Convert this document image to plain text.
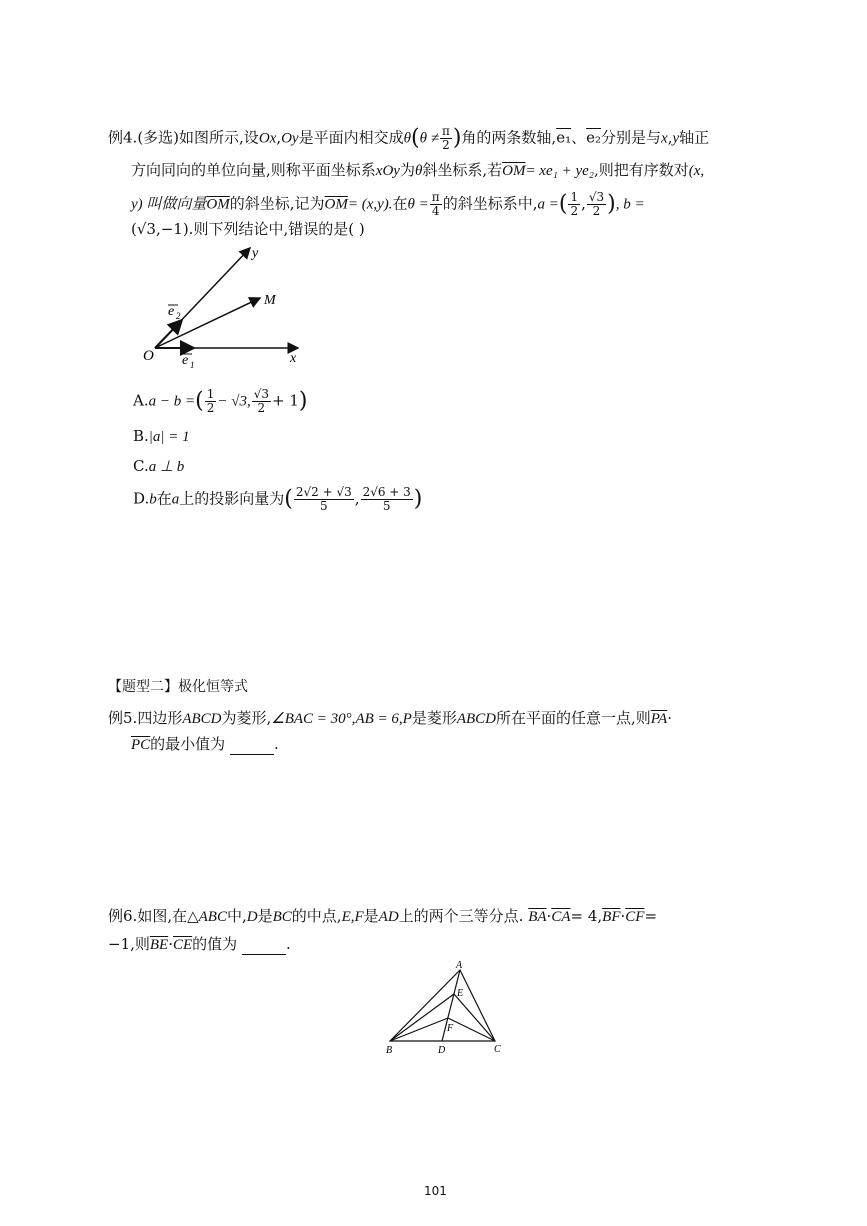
例4.(多选)如图所示,设Ox,Oy是平面内相交成$\theta(\theta \ne \frac{\pi}{2}$ )角的两条数轴,e₁、e₂分别是与x,y轴正
方向同向的单位向量,则称平面坐标系xOy为θ斜坐标系,若$\overline{OM}= xe_1 + ye_2$,则把有序数对(x,
y) 叫做向量$\overline{OM}$的斜坐标,记为$\overline{OM}= (x,y)$.在$\theta = \frac{\pi}{4}$ 的斜坐标系中,a =( $\frac{1}{2}$ , $\frac{√3}{2}$ ), b =
(√3,−1).则下列结论中,错误的是( )
y
M
O	x
e 1
e 2
A.a − b =( $\frac{1}{2} - √3$, $\frac{√3}{2} + 1$)
B.|a| = 1
C.a ⊥ b
D.b在a上的投影向量为( $\frac{2√2 + √3}{5}$ , $\frac{2√6 + 3}{5}$ )
【题型二】极化恒等式
例5.四边形ABCD为菱形,∠BAC = 30°,AB = 6,P是菱形ABCD所在平面的任意一点,则$\overline{PA}\cdot$
$\overline{PC}$的最小值为	.
例6.如图,在△ABC中,D是BC的中点,E,F是AD上的两个三等分点. $\overline{BA}\cdot\overline{CA}= 4,\overline{BF}\cdot\overline{CF}=$
−1,则$\overline{BE}\cdot\overline{CE}$的值为	.
A
E
F
B	D	C
101
